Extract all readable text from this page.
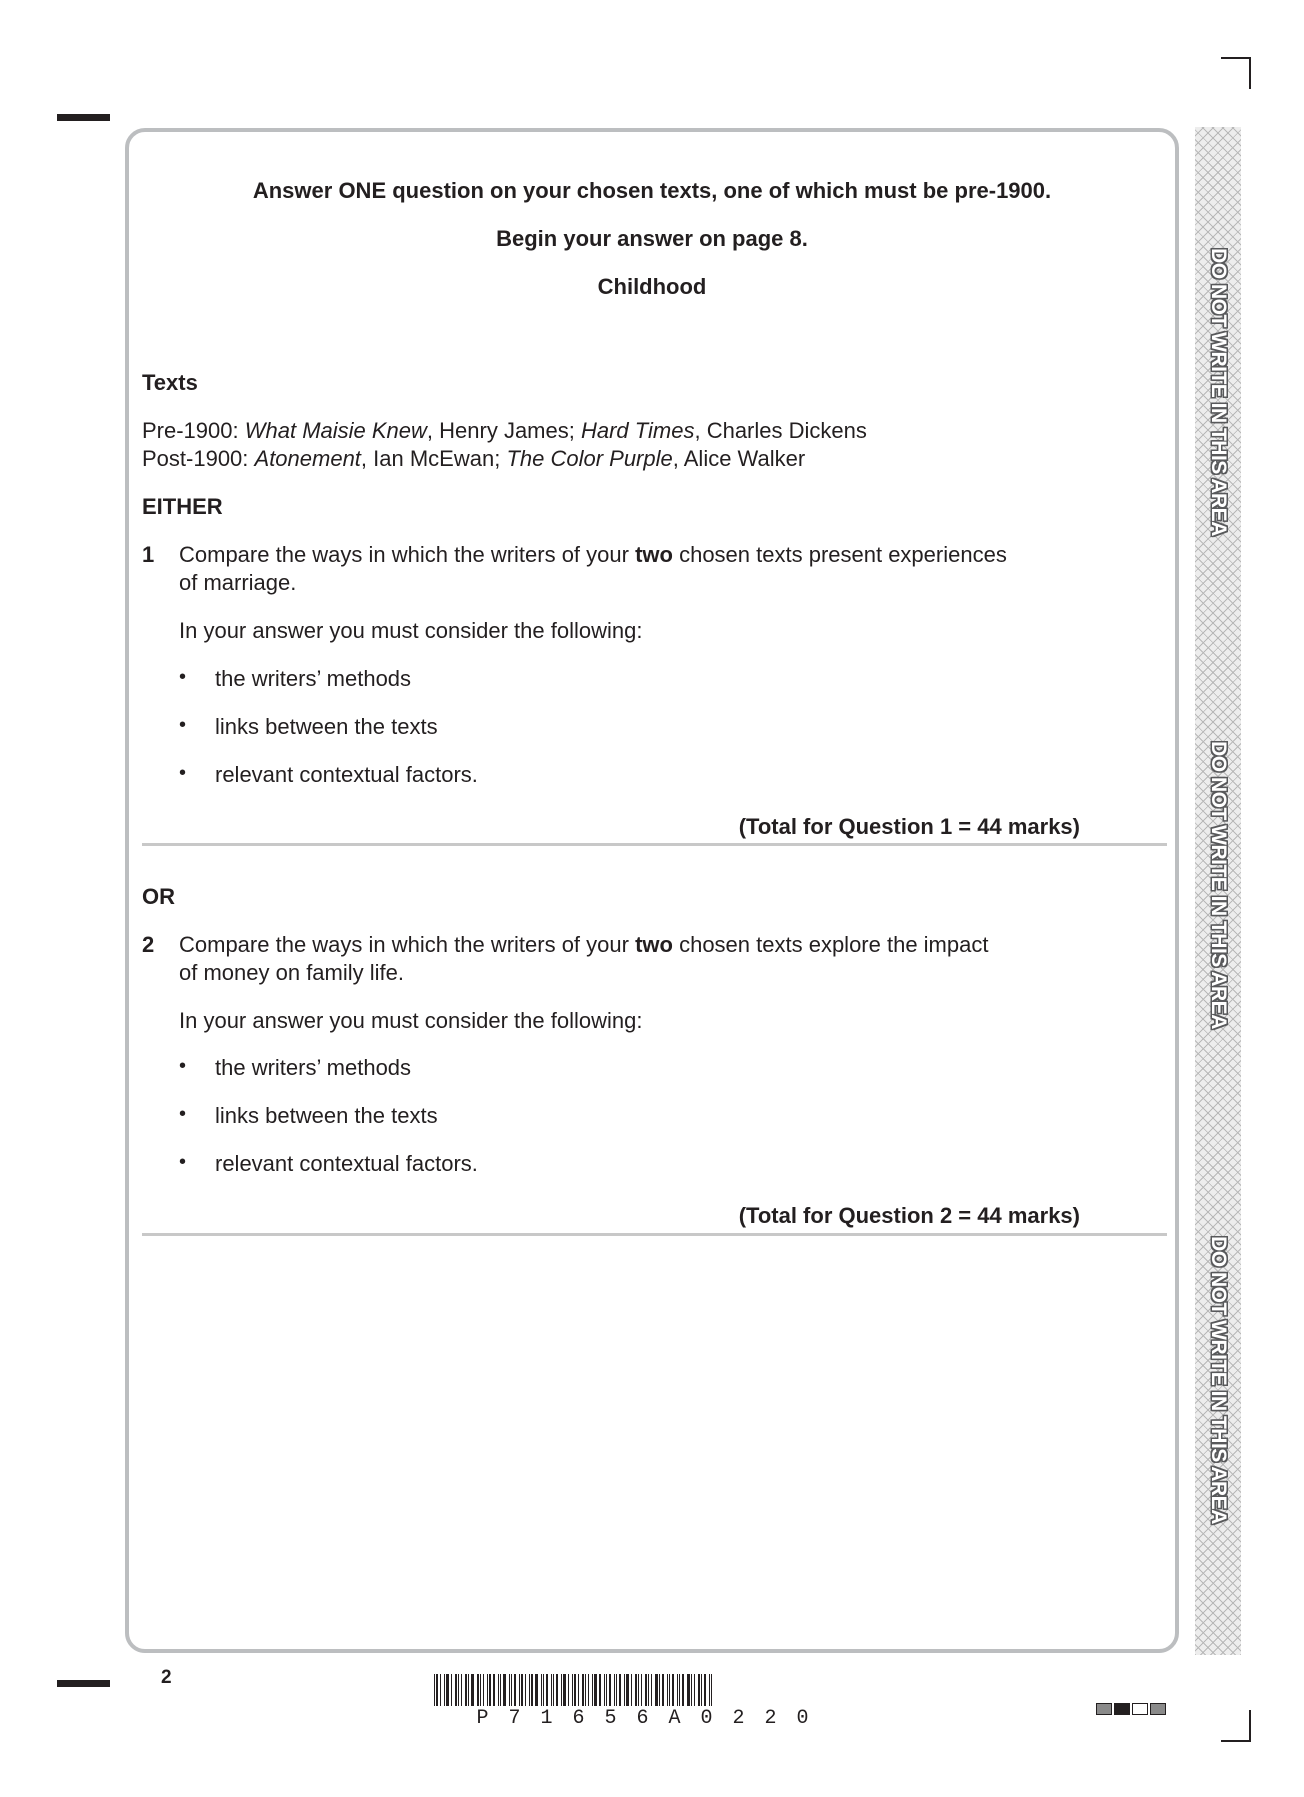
DO NOT WRITE IN THIS AREA
DO NOT WRITE IN THIS AREA
DO NOT WRITE IN THIS AREA
Answer ONE question on your chosen texts, one of which must be pre-1900.
Begin your answer on page 8.
Childhood
Texts
Pre-1900: What Maisie Knew, Henry James; Hard Times, Charles Dickens
Post-1900: Atonement, Ian McEwan; The Color Purple, Alice Walker
EITHER
1 Compare the ways in which the writers of your two chosen texts present experiences
of marriage.
In your answer you must consider the following:
• the writers’ methods
• links between the texts
• relevant contextual factors.
(Total for Question 1 = 44 marks)
OR
2 Compare the ways in which the writers of your two chosen texts explore the impact
of money on family life.
In your answer you must consider the following:
• the writers’ methods
• links between the texts
• relevant contextual factors.
(Total for Question 2 = 44 marks)
2
P71656A0220
